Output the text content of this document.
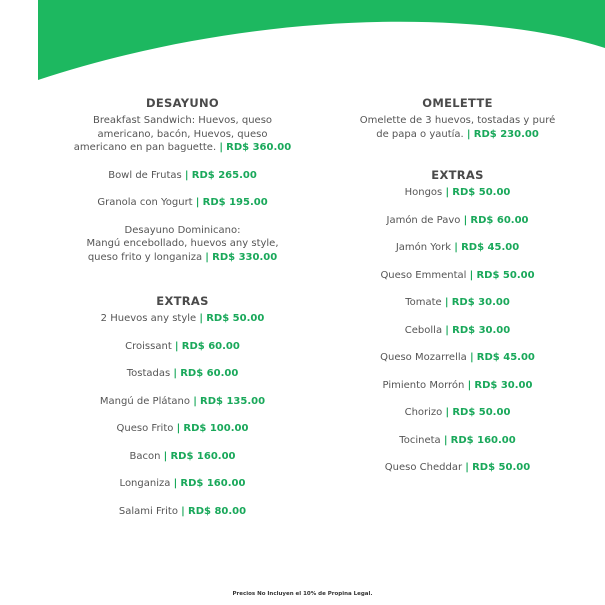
DESAYUNO
Breakfast Sandwich: Huevos, queso
americano, bacón, Huevos, queso
americano en pan baguette. | RD$ 360.00
Bowl de Frutas | RD$ 265.00
Granola con Yogurt | RD$ 195.00
Desayuno Dominicano:
Mangú encebollado, huevos any style,
queso frito y longaniza | RD$ 330.00
EXTRAS
2 Huevos any style | RD$ 50.00
Croissant | RD$ 60.00
Tostadas | RD$ 60.00
Mangú de Plátano | RD$ 135.00
Queso Frito | RD$ 100.00
Bacon | RD$ 160.00
Longaniza | RD$ 160.00
Salami Frito | RD$ 80.00
OMELETTE
Omelette de 3 huevos, tostadas y puré
de papa o yautía. | RD$ 230.00
EXTRAS
Hongos | RD$ 50.00
Jamón de Pavo | RD$ 60.00
Jamón York | RD$ 45.00
Queso Emmental | RD$ 50.00
Tomate | RD$ 30.00
Cebolla | RD$ 30.00
Queso Mozarrella | RD$ 45.00
Pimiento Morrón | RD$ 30.00
Chorizo | RD$ 50.00
Tocineta | RD$ 160.00
Queso Cheddar | RD$ 50.00
Precios No Incluyen el 10% de Propina Legal.
